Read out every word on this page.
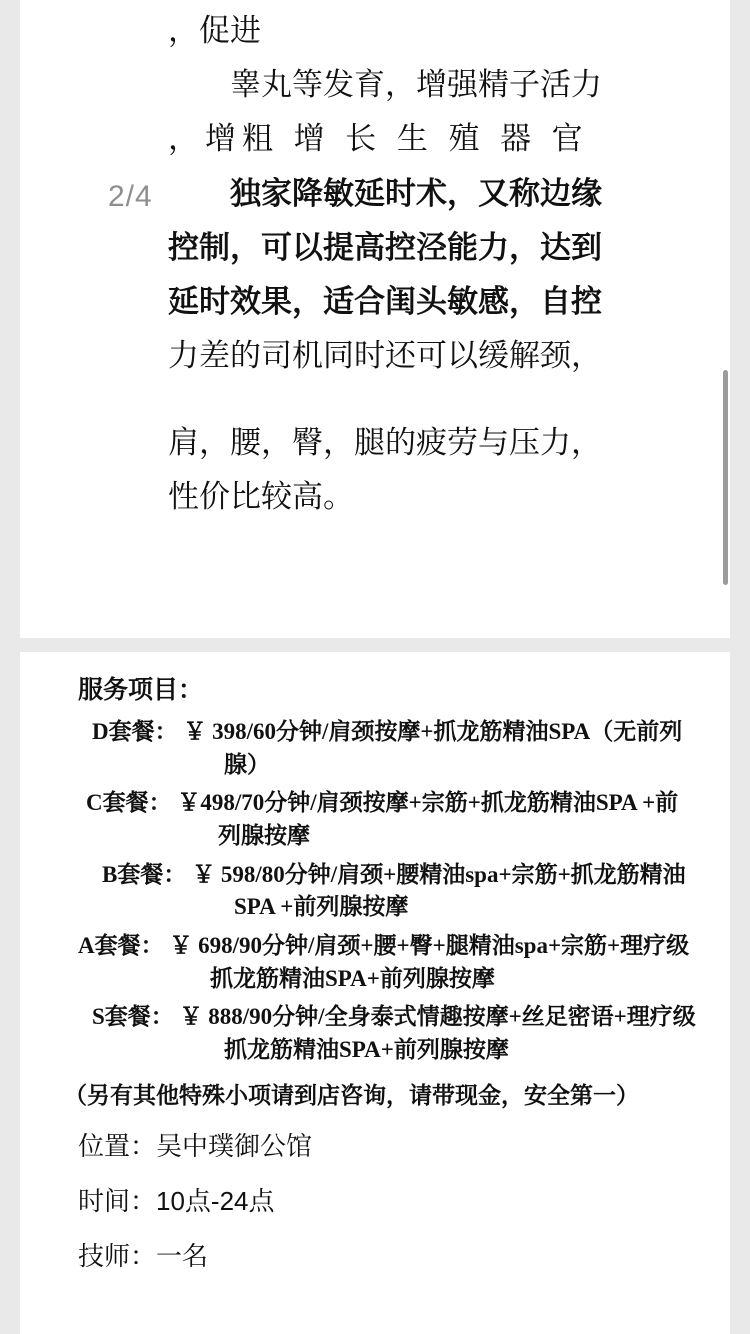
，促进

睾丸等发育，增强精子活力

，增粗 增 长 生 殖 器 官

独家降敏延时术，又称边缘

控制，可以提高控泾能力，达到

延时效果，适合闺头敏感，自控

力差的司机同时还可以缓解颈，

肩，腰，臀，腿的疲劳与压力，

性价比较高。

2/4

服务项目：

D套餐： ￥ 398/60分钟/肩颈按摩+抓龙筋精油SPA（无前列
腺）
C套餐： ￥498/70分钟/肩颈按摩+宗筋+抓龙筋精油SPA +前
列腺按摩
B套餐： ￥ 598/80分钟/肩颈+腰精油spa+宗筋+抓龙筋精油
SPA +前列腺按摩
A套餐： ￥ 698/90分钟/肩颈+腰+臀+腿精油spa+宗筋+理疗级
抓龙筋精油SPA+前列腺按摩
S套餐： ￥ 888/90分钟/全身泰式情趣按摩+丝足密语+理疗级
抓龙筋精油SPA+前列腺按摩

（另有其他特殊小项请到店咨询，请带现金，安全第一）

位置：吴中璞御公馆

时间：10点-24点

技师：一名
